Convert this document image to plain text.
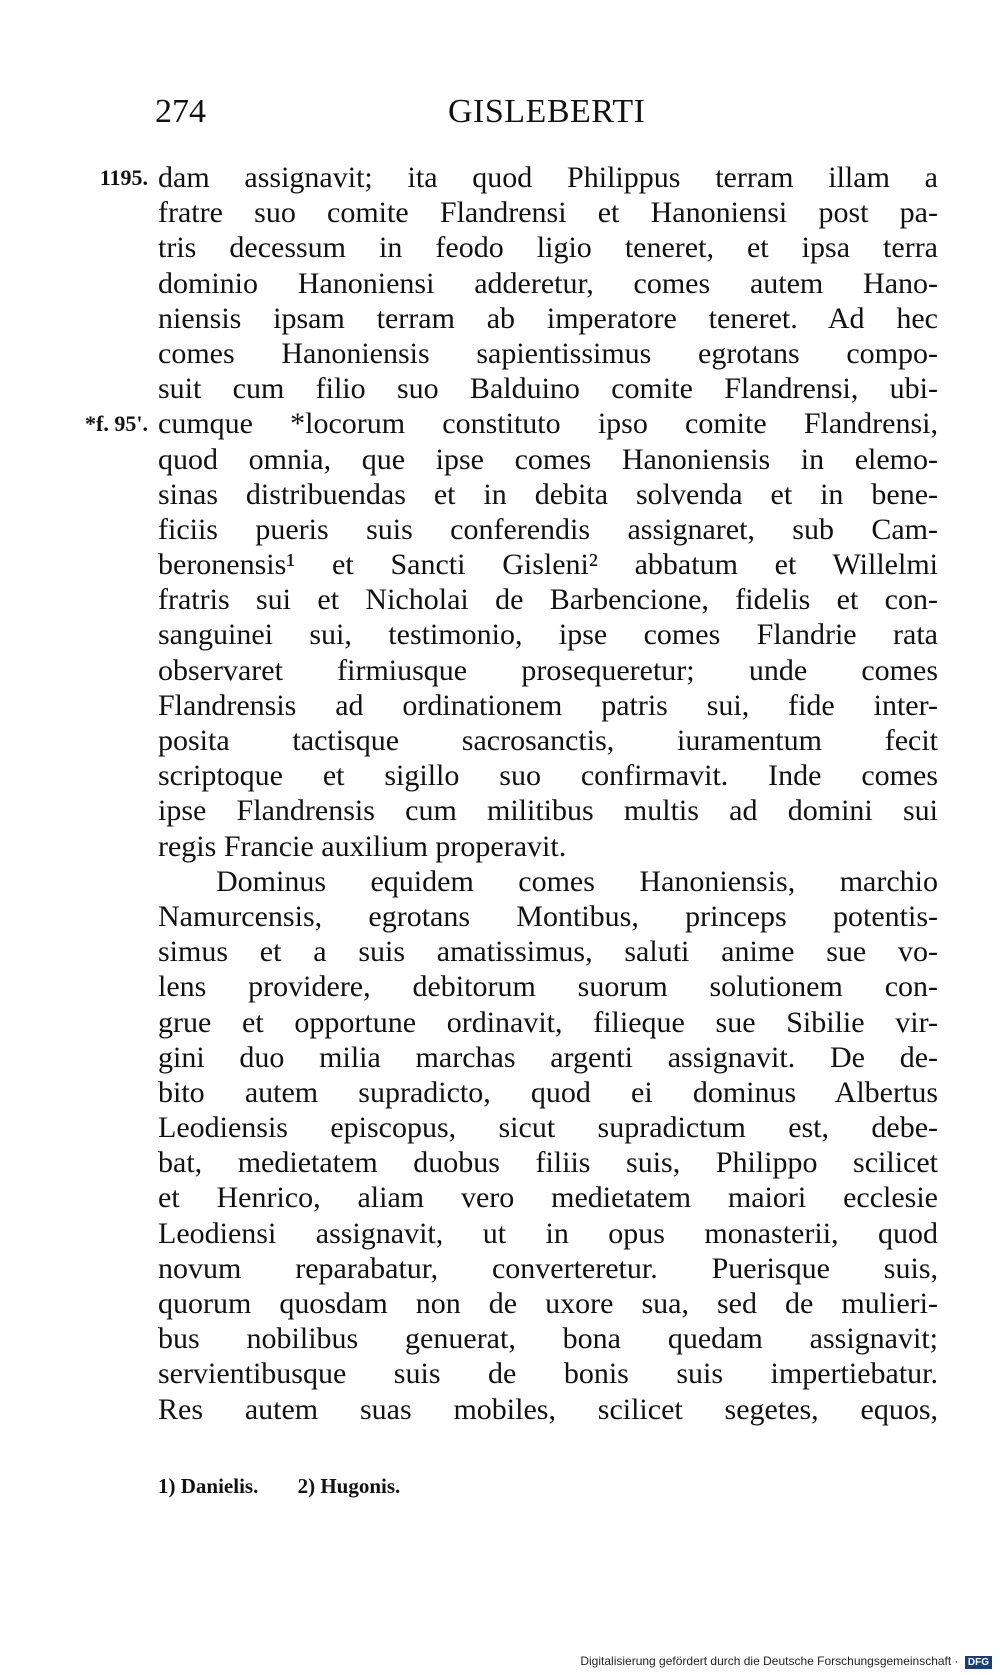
274	GISLEBERTI
1195.
*f. 95'.
dam assignavit; ita quod Philippus terram illam a
fratre suo comite Flandrensi et Hanoniensi post pa-
tris decessum in feodo ligio teneret, et ipsa terra
dominio Hanoniensi adderetur, comes autem Hano-
niensis ipsam terram ab imperatore teneret. Ad hec
comes Hanoniensis sapientissimus egrotans compo-
suit cum filio suo Balduino comite Flandrensi, ubi-
cumque *locorum constituto ipso comite Flandrensi,
quod omnia, que ipse comes Hanoniensis in elemo-
sinas distribuendas et in debita solvenda et in bene-
ficiis pueris suis conferendis assignaret, sub Cam-
beronensis¹ et Sancti Gisleni² abbatum et Willelmi
fratris sui et Nicholai de Barbencione, fidelis et con-
sanguinei sui, testimonio, ipse comes Flandrie rata
observaret firmiusque prosequeretur; unde comes
Flandrensis ad ordinationem patris sui, fide inter-
posita tactisque sacrosanctis, iuramentum fecit
scriptoque et sigillo suo confirmavit. Inde comes
ipse Flandrensis cum militibus multis ad domini sui
regis Francie auxilium properavit.
Dominus equidem comes Hanoniensis, marchio
Namurcensis, egrotans Montibus, princeps potentis-
simus et a suis amatissimus, saluti anime sue vo-
lens providere, debitorum suorum solutionem con-
grue et opportune ordinavit, filieque sue Sibilie vir-
gini duo milia marchas argenti assignavit. De de-
bito autem supradicto, quod ei dominus Albertus
Leodiensis episcopus, sicut supradictum est, debe-
bat, medietatem duobus filiis suis, Philippo scilicet
et Henrico, aliam vero medietatem maiori ecclesie
Leodiensi assignavit, ut in opus monasterii, quod
novum reparabatur, converteretur. Puerisque suis,
quorum quosdam non de uxore sua, sed de mulieri-
bus nobilibus genuerat, bona quedam assignavit;
servientibusque suis de bonis suis impertiebatur.
Res autem suas mobiles, scilicet segetes, equos,
1) Danielis. 2) Hugonis.
Digitalisierung gefördert durch die Deutsche Forschungsgemeinschaft · DFG
